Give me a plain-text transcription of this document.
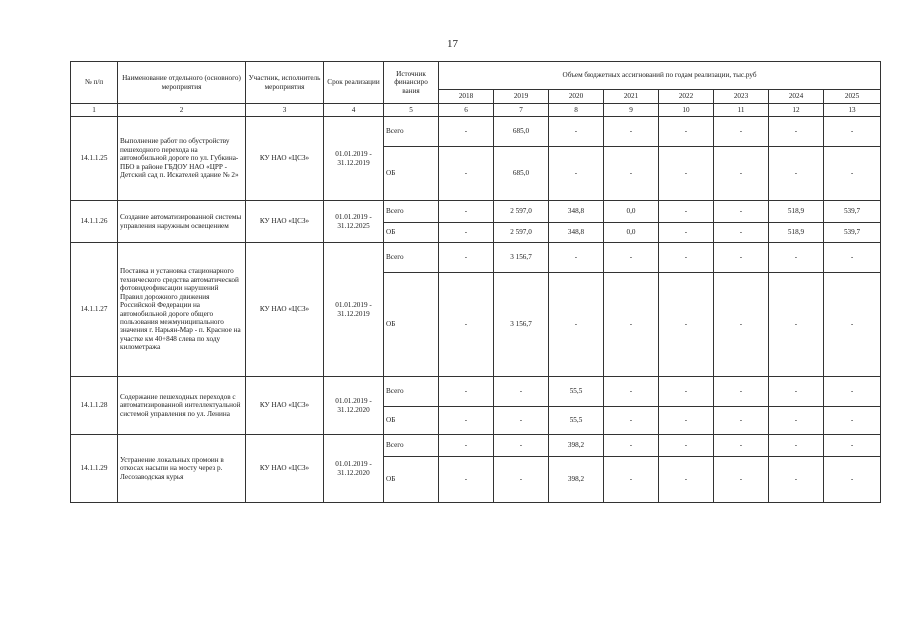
17
№ п/п	Наименование отдельного (основного) мероприятия	Участник, исполнитель мероприятия	Срок реализации	Источник финансиро вания	Объем бюджетных ассигнований по годам реализации, тыс.руб							
					2018	2019	2020	2021	2022	2023	2024	2025
1	2	3	4	5	6	7	8	9	10	11	12	13
14.1.1.25	Выполнение работ по обустройству пешеходного перехода на автомобильной дороге по ул. Губкина-ПБО в районе ГБДОУ НАО «ЦРР - Детский сад п. Искателей здание № 2»	КУ НАО «ЦСЗ»	01.01.2019 - 31.12.2019	Всего	-	685,0	-	-	-	-	-	-
				ОБ	-	685,0	-	-	-	-	-	-
14.1.1.26	Создание автоматизированной системы управления наружным освещением	КУ НАО «ЦСЗ»	01.01.2019 - 31.12.2025	Всего	-	2 597,0	348,8	0,0	-	-	518,9	539,7
				ОБ	-	2 597,0	348,8	0,0	-	-	518,9	539,7
14.1.1.27	Поставка и установка стационарного технического средства автоматической фотовидеофиксации нарушений Правил дорожного движения Российской Федерации на автомобильной дороге общего пользования межмуниципального значения г. Нарьян-Мар - п. Красное на участке км 40+848 слева по ходу километража	КУ НАО «ЦСЗ»	01.01.2019 - 31.12.2019	Всего	-	3 156,7	-	-	-	-	-	-
				ОБ	-	3 156,7	-	-	-	-	-	-
14.1.1.28	Содержание пешеходных переходов с автоматизированной интеллектуальной системой управления по ул. Ленина	КУ НАО «ЦСЗ»	01.01.2019 - 31.12.2020	Всего	-	-	55,5	-	-	-	-	-
				ОБ	-	-	55,5	-	-	-	-	-
14.1.1.29	Устранение локальных промоин в откосах насыпи на мосту через р. Лесозаводская курья	КУ НАО «ЦСЗ»	01.01.2019 - 31.12.2020	Всего	-	-	398,2	-	-	-	-	-
				ОБ	-	-	398,2	-	-	-	-	-
